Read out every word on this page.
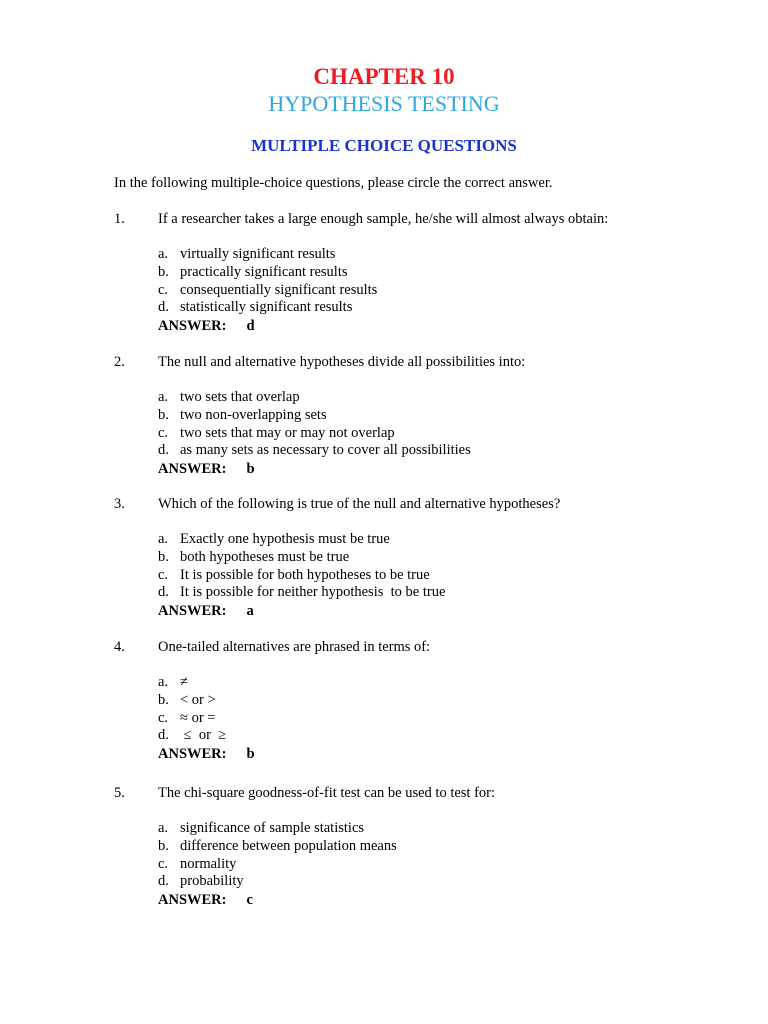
CHAPTER 10
HYPOTHESIS TESTING
MULTIPLE CHOICE QUESTIONS
In the following multiple-choice questions, please circle the correct answer.
1. If a researcher takes a large enough sample, he/she will almost always obtain:
a. virtually significant results
b. practically significant results
c. consequentially significant results
d. statistically significant results
ANSWER: d
2. The null and alternative hypotheses divide all possibilities into:
a. two sets that overlap
b. two non-overlapping sets
c. two sets that may or may not overlap
d. as many sets as necessary to cover all possibilities
ANSWER: b
3. Which of the following is true of the null and alternative hypotheses?
a. Exactly one hypothesis must be true
b. both hypotheses must be true
c. It is possible for both hypotheses to be true
d. It is possible for neither hypothesis  to be true
ANSWER: a
4. One-tailed alternatives are phrased in terms of:
a. ≠
b. < or >
c. ≈ or =
d. ≤  or  ≥
ANSWER: b
5. The chi-square goodness-of-fit test can be used to test for:
a. significance of sample statistics
b. difference between population means
c. normality
d. probability
ANSWER: c
